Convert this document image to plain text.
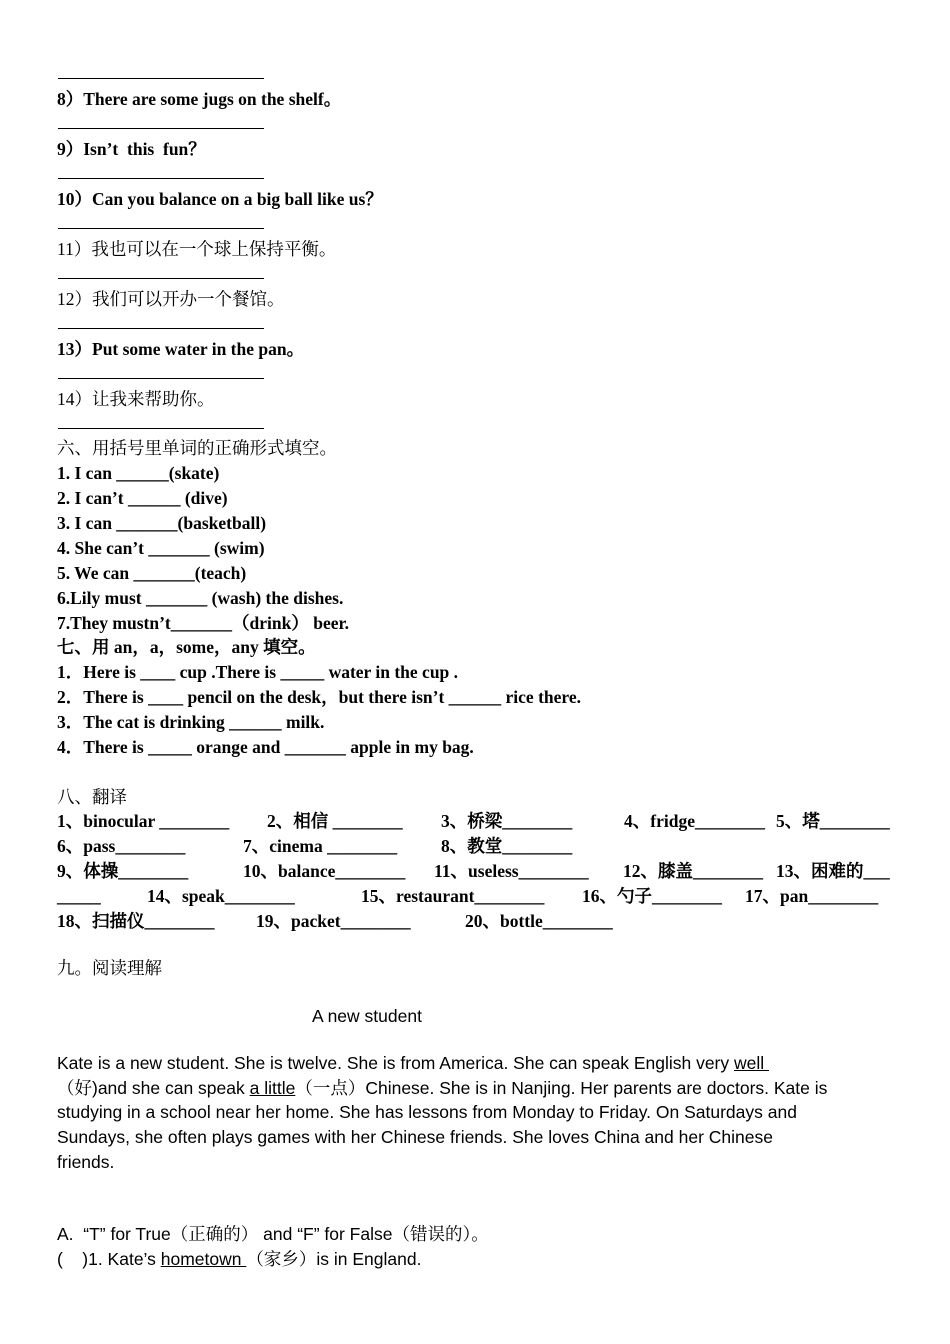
8）There are some jugs on the shelf。
9）Isn’t  this  fun？
10）Can you balance on a big ball like us？
11）我也可以在一个球上保持平衡。
12）我们可以开办一个餐馆。
13）Put some water in the pan。
14）让我来帮助你。
六、用括号里单词的正确形式填空。
1. I can ______(skate)
2. I can’t ______ (dive)
3. I can _______(basketball)
4. She can’t _______ (swim)
5. We can _______(teach)
6.Lily must _______ (wash) the dishes.
7.They mustn’t_______（drink） beer.
七、用 an，a，some，any 填空。
1．Here is ____ cup .There is _____ water in the cup .
2．There is ____ pencil on the desk，but there isn’t ______ rice there.
3．The cat is drinking ______ milk.
4．There is _____ orange and _______ apple in my bag.
八、翻译
1、binocular ________ 2、相信 ________ 3、桥梁________	4、fridge________ 5、塔________
6、pass________	7、cinema ________	8、教堂________
9、体操________	10、balance________ 11、useless________ 12、膝盖________ 13、困难的___
_____	14、speak________	15、restaurant________ 16、勺子________ 17、pan________
18、扫描仪________ 19、packet________	20、bottle________
九。阅读理解
A new student
Kate is a new student. She is twelve. She is from America. She can speak English very well
（好)and she can speak a little（一点）Chinese. She is in Nanjing. Her parents are doctors. Kate is
studying in a school near her home. She has lessons from Monday to Friday. On Saturdays and
Sundays, she often plays games with her Chinese friends. She loves China and her Chinese
friends.
A.  “T” for True（正确的） and “F” for False（错误的）。
(    )1. Kate’s hometown （家乡）is in England.
